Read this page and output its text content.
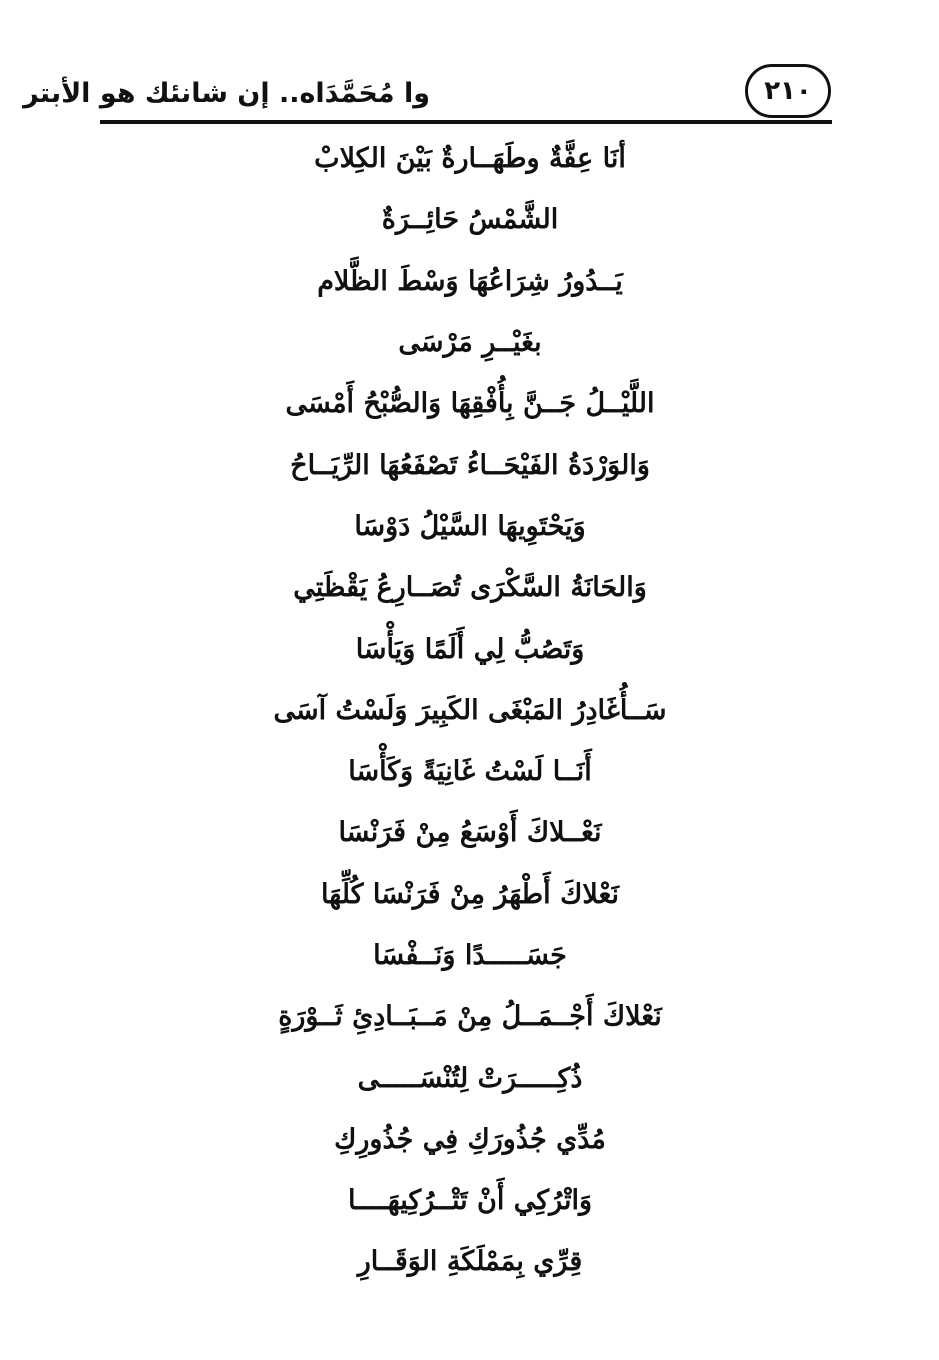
وا مُحَمَّدَاه.. إن شانئك هو الأبتر	٢١٠
أنَا عِفَّةٌ وطَهَــارةٌ بَيْنَ الكِلابْ
الشَّمْسُ حَائِــرَةٌ
يَــدُورُ شِرَاعُهَا وَسْطَ الظَّلام
بغَيْــرِ مَرْسَى
اللَّيْــلُ جَــنَّ بِأُفْقِهَا وَالصُّبْحُ أَمْسَى
وَالوَرْدَةُ الفَيْحَــاءُ تَصْفَعُهَا الرِّيَــاحُ
وَيَحْتَوِيهَا السَّيْلُ دَوْسَا
وَالحَانَةُ السَّكْرَى تُصَــارِعُ يَقْظَتِي
وَتَصُبُّ لِي أَلَمًا وَيَأْسَا
سَــأُغَادِرُ المَبْغَى الكَبِيرَ وَلَسْتُ آسَى
أَنَــا لَسْتُ غَانِيَةً وَكَأْسَا
نَعْــلاكَ أَوْسَعُ مِنْ فَرَنْسَا
نَعْلاكَ أَطْهَرُ مِنْ فَرَنْسَا كُلِّهَا
جَسَـــــدًا وَنَــفْسَا
نَعْلاكَ أَجْــمَــلُ مِنْ مَــبَــادِئِ ثَــوْرَةٍ
ذُكِـــــرَتْ لِتُنْسَـــــى
مُدِّي جُذُورَكِ فِي جُذُورِكِ
وَاتْرُكِي أَنْ تَتْــرُكِيهَــــا
قِرِّي بِمَمْلَكَةِ الوَقَــارِ
